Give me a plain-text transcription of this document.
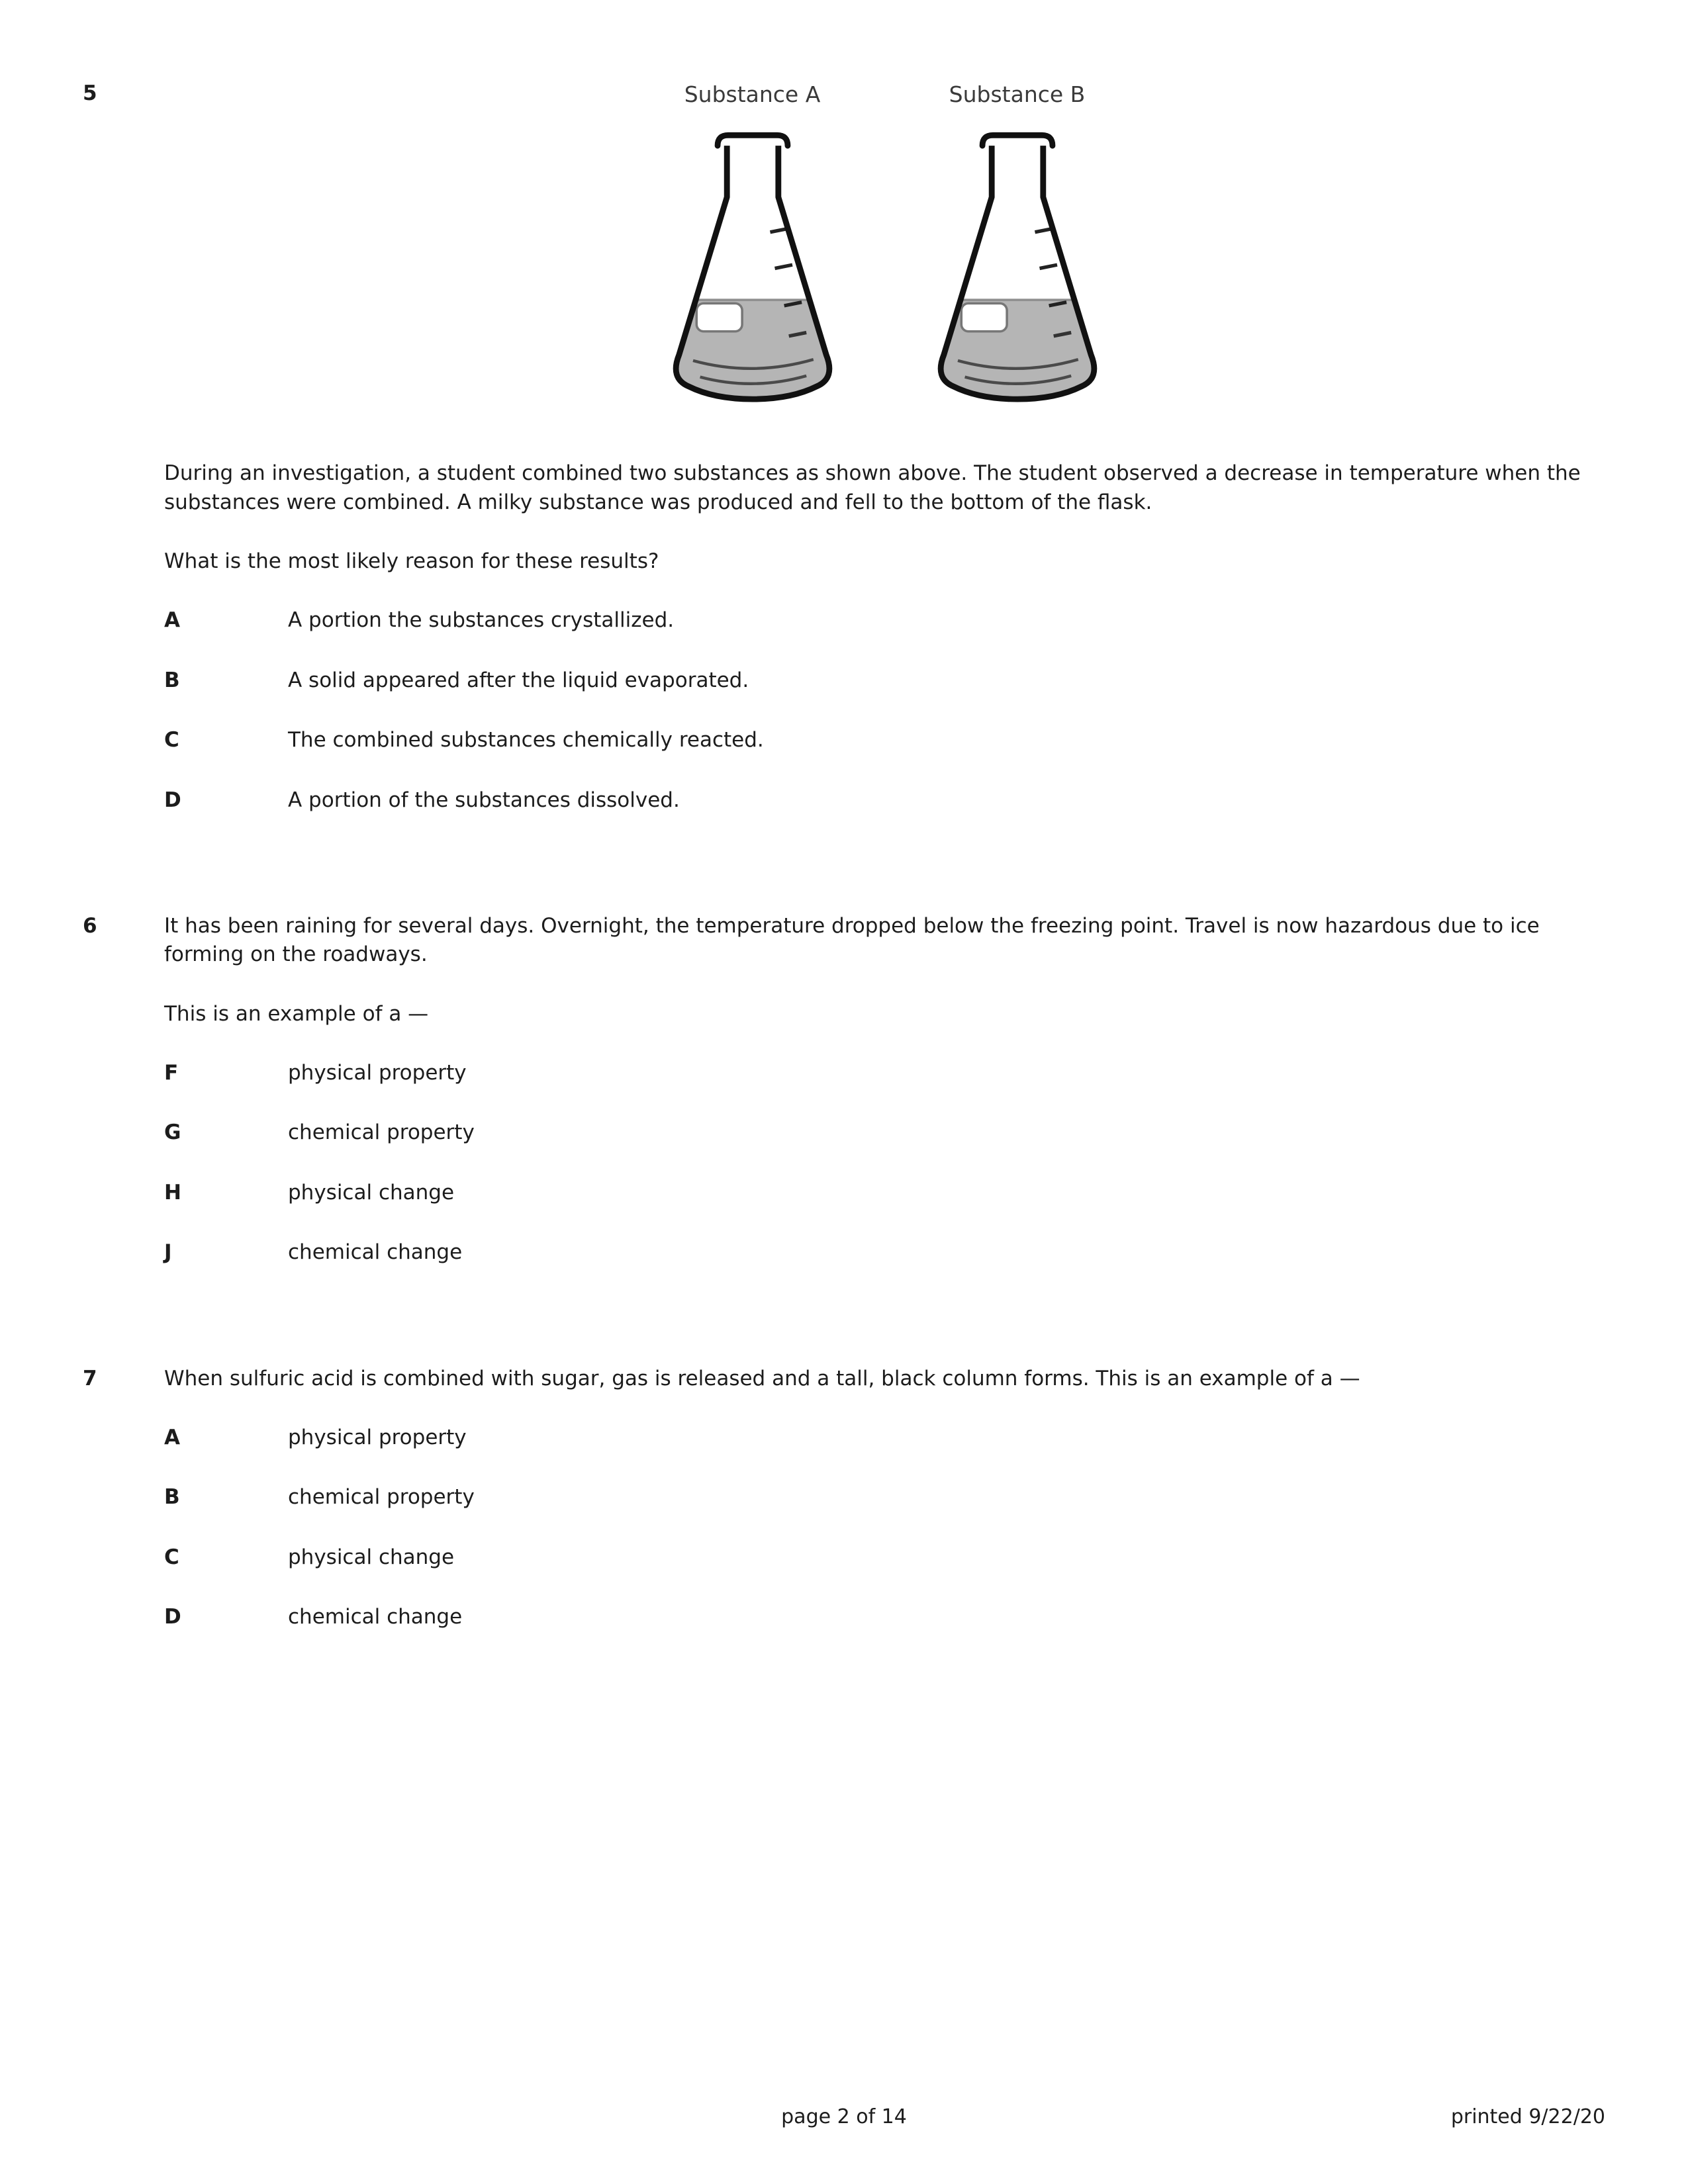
5	Substance A	Substance B

During an investigation, a student combined two substances as shown above. The student observed a decrease in temperature when the substances were combined. A milky substance was produced and fell to the bottom of the flask.

What is the most likely reason for these results?

A	A portion the substances crystallized.
B	A solid appeared after the liquid evaporated.
C	The combined substances chemically reacted.
D	A portion of the substances dissolved.
6	It has been raining for several days. Overnight, the temperature dropped below the freezing point. Travel is now hazardous due to ice forming on the roadways.

This is an example of a —

F	physical property
G	chemical property
H	physical change
J	chemical change
7	When sulfuric acid is combined with sugar, gas is released and a tall, black column forms. This is an example of a —

A	physical property
B	chemical property
C	physical change
D	chemical change
page 2 of 14	printed 9/22/20
